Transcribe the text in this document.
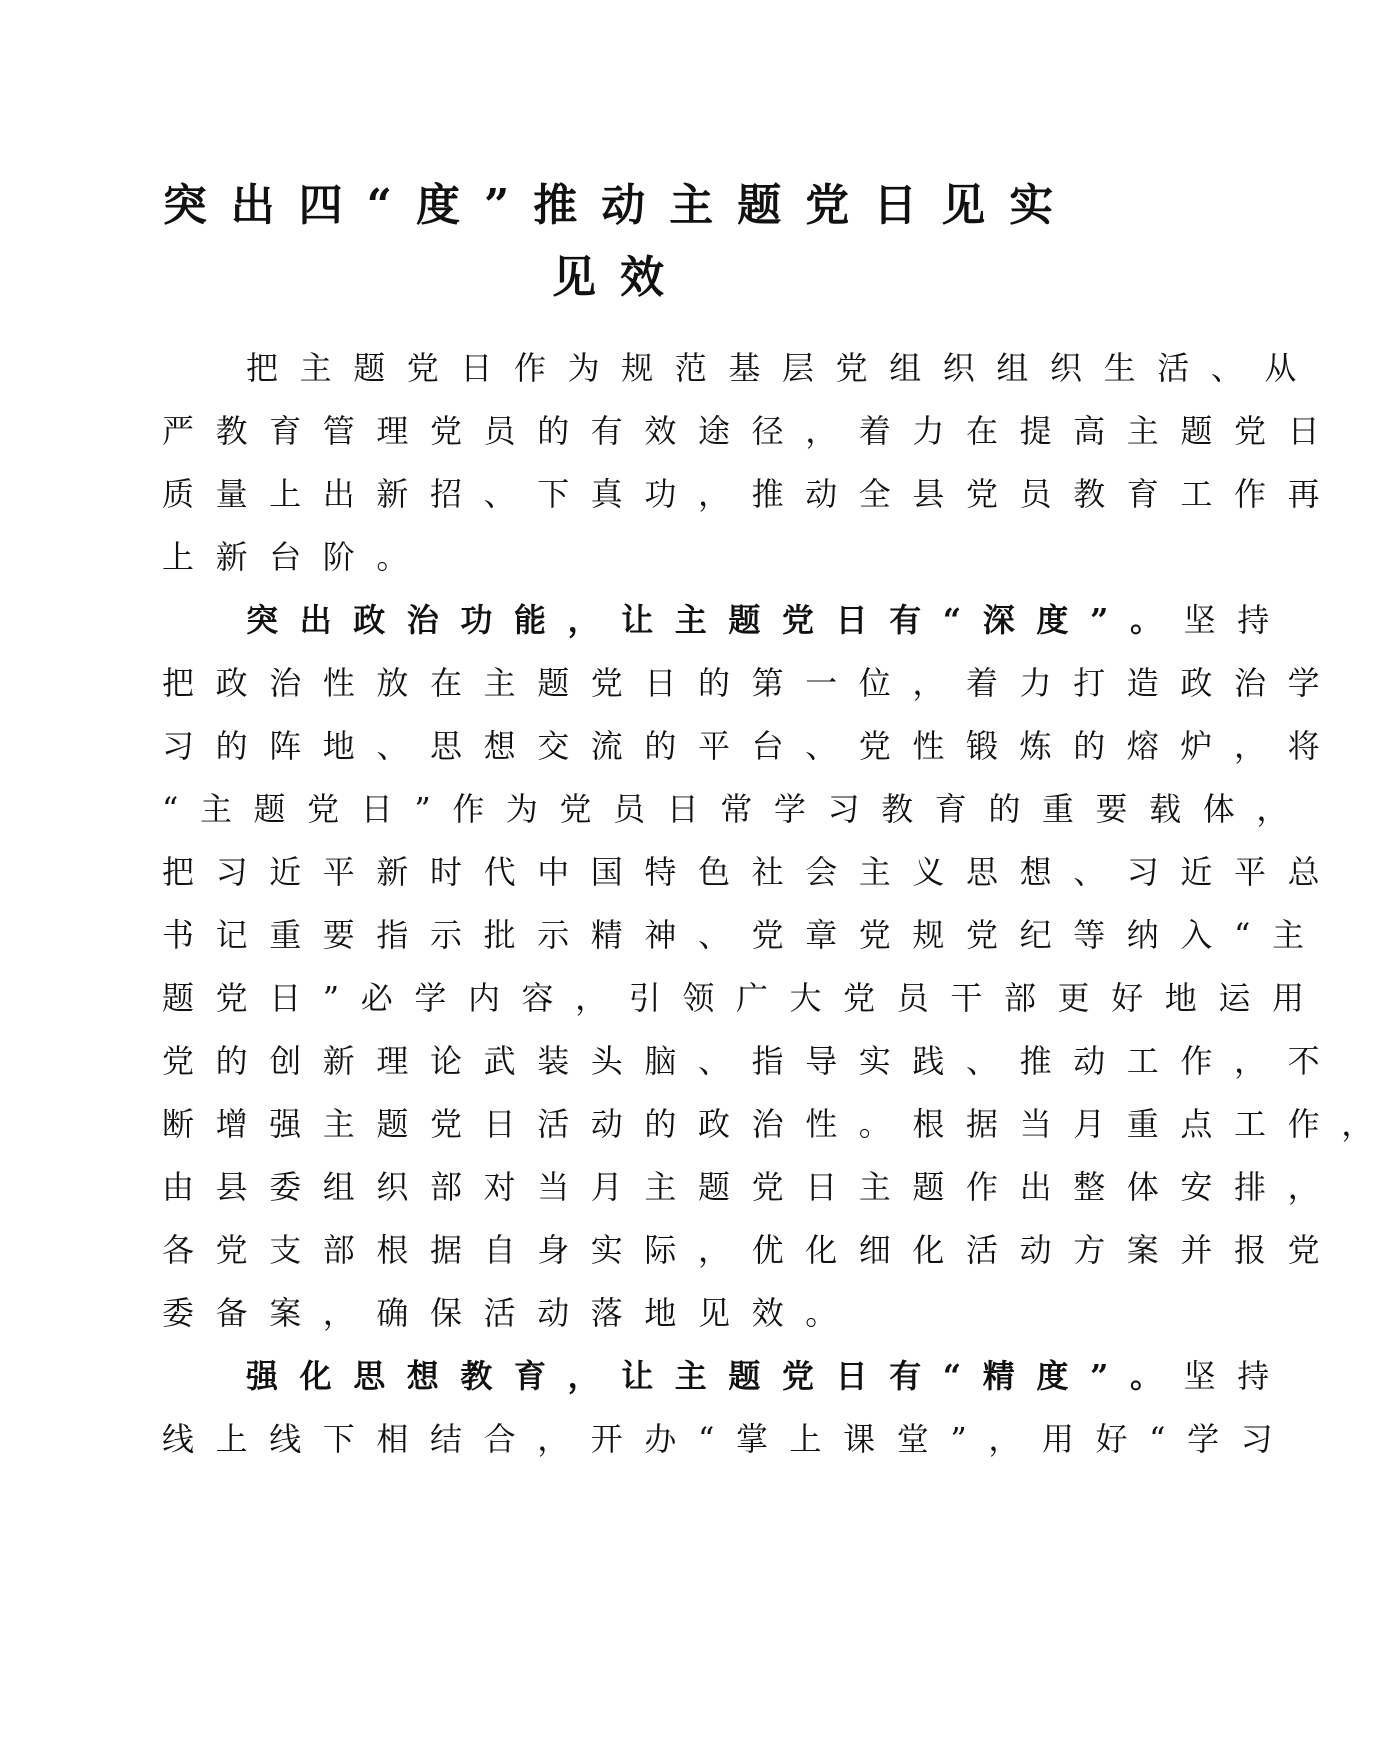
突出四“度”推动主题党日见实
见效
把主题党日作为规范基层党组织组织生活、从
严教育管理党员的有效途径，着力在提高主题党日
质量上出新招、下真功，推动全县党员教育工作再
上新台阶。
突出政治功能，让主题党日有“深度”。坚持
把政治性放在主题党日的第一位，着力打造政治学
习的阵地、思想交流的平台、党性锻炼的熔炉，将
“主题党日”作为党员日常学习教育的重要载体，
把习近平新时代中国特色社会主义思想、习近平总
书记重要指示批示精神、党章党规党纪等纳入“主
题党日”必学内容，引领广大党员干部更好地运用
党的创新理论武装头脑、指导实践、推动工作，不
断增强主题党日活动的政治性。根据当月重点工作，
由县委组织部对当月主题党日主题作出整体安排，
各党支部根据自身实际，优化细化活动方案并报党
委备案，确保活动落地见效。
强化思想教育，让主题党日有“精度”。坚持
线上线下相结合，开办“掌上课堂”，用好“学习
